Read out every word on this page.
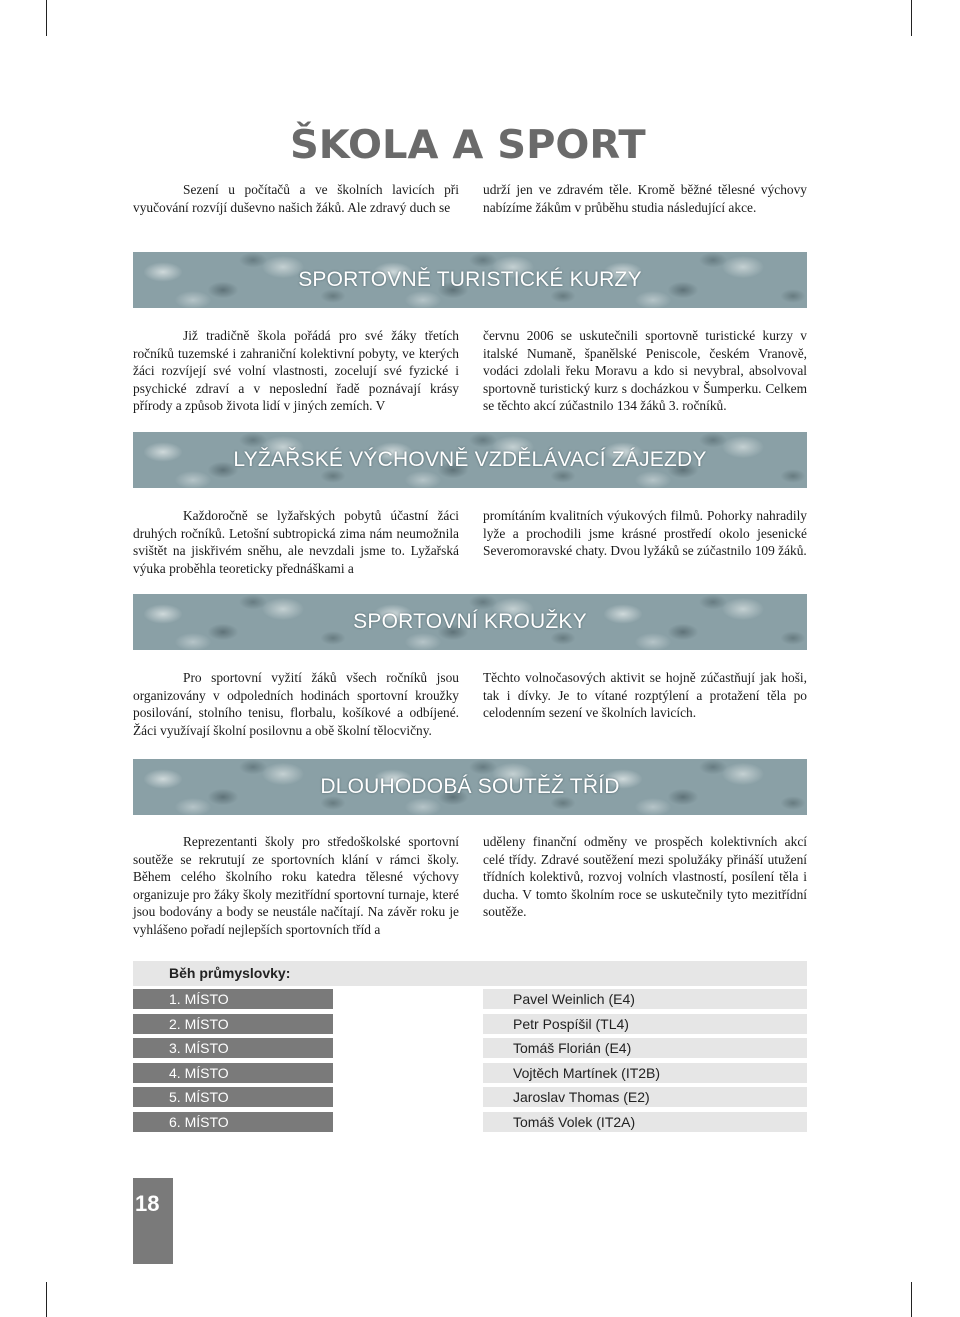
ŠKOLA A SPORT

Sezení u počítačů a ve školních lavicích při vyučování rozvíjí duševno našich žáků. Ale zdravý duch se

udrží jen ve zdravém těle. Kromě běžné tělesné výchovy nabízíme žákům v průběhu studia následující akce.

SPORTOVNĚ TURISTICKÉ KURZY

Již tradičně škola pořádá pro své žáky třetích ročníků tuzemské i zahraniční kolektivní pobyty, ve kterých žáci rozvíjejí své volní vlastnosti, zocelují své fyzické i psychické zdraví a v neposlední řadě poznávají krásy přírody a způsob života lidí v jiných zemích. V

červnu 2006 se uskutečnili sportovně turistické kurzy v italské Numaně, španělské Peniscole, českém Vranově, vodáci zdolali řeku Moravu a kdo si nevybral, absolvoval sportovně turistický kurz s docházkou v Šumperku. Celkem se těchto akcí zúčastnilo 134 žáků 3. ročníků.

LYŽAŘSKÉ VÝCHOVNĚ VZDĚLÁVACÍ ZÁJEZDY

Každoročně se lyžařských pobytů účastní žáci druhých ročníků. Letošní subtropická zima nám neumožnila svištět na jiskřivém sněhu, ale nevzdali jsme to. Lyžařská výuka proběhla teoreticky přednáškami a

promítáním kvalitních výukových filmů. Pohorky nahradily lyže a prochodili jsme krásné prostředí okolo jesenické Severomoravské chaty. Dvou lyžáků se zúčastnilo 109 žáků.

SPORTOVNÍ KROUŽKY

Pro sportovní vyžití žáků všech ročníků jsou organizovány v odpoledních hodinách sportovní kroužky posilování, stolního tenisu, florbalu, košíkové a odbíjené. Žáci využívají školní posilovnu a obě školní tělocvičny.

Těchto volnočasových aktivit se hojně zúčastňují jak hoši, tak i dívky. Je to vítané rozptýlení a protažení těla po celodenním sezení ve školních lavicích.

DLOUHODOBÁ SOUTĚŽ TŘÍD

Reprezentanti školy pro středoškolské sportovní soutěže se rekrutují ze sportovních klání v rámci školy. Během celého školního roku katedra tělesné výchovy organizuje pro žáky školy mezitřídní sportovní turnaje, které jsou bodovány a body se neustále načítají. Na závěr roku je vyhlášeno pořadí nejlepších sportovních tříd a

uděleny finanční odměny ve prospěch kolektivních akcí celé třídy. Zdravé soutěžení mezi spolužáky přináší utužení třídních kolektivů, rozvoj volních vlastností, posílení těla i ducha. V tomto školním roce se uskutečnily tyto mezitřídní soutěže.

Běh průmyslovky:
1. MÍSTO	Pavel Weinlich (E4)
2. MÍSTO	Petr Pospíšil (TL4)
3. MÍSTO	Tomáš Florián (E4)
4. MÍSTO	Vojtěch Martínek (IT2B)
5. MÍSTO	Jaroslav Thomas (E2)
6. MÍSTO	Tomáš Volek (IT2A)
18
